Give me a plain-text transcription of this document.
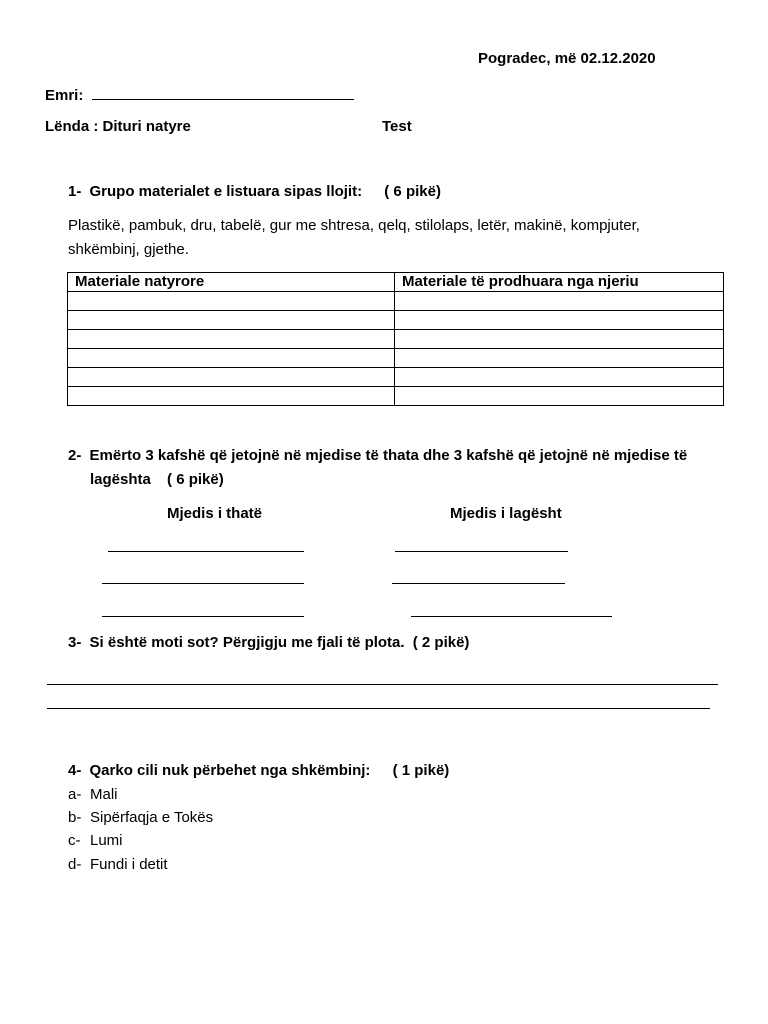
Pogradec, më 02.12.2020
Emri:
Lënda : Dituri natyre	Test
1- Grupo materialet e listuara sipas llojit: ( 6 pikë)
Plastikë, pambuk, dru, tabelë, gur me shtresa, qelq, stilolaps, letër, makinë, kompjuter,
shkëmbinj, gjethe.
Materiale natyrore	Materiale të prodhuara nga njeriu

2- Emërto 3 kafshë që jetojnë në mjedise të thata dhe 3 kafshë që jetojnë në mjedise të
lagështa ( 6 pikë)
Mjedis i thatë	Mjedis i lagësht
3- Si është moti sot? Përgjigju me fjali të plota. ( 2 pikë)
4- Qarko cili nuk përbehet nga shkëmbinj: ( 1 pikë)
a- Mali
b- Sipërfaqja e Tokës
c- Lumi
d- Fundi i detit
